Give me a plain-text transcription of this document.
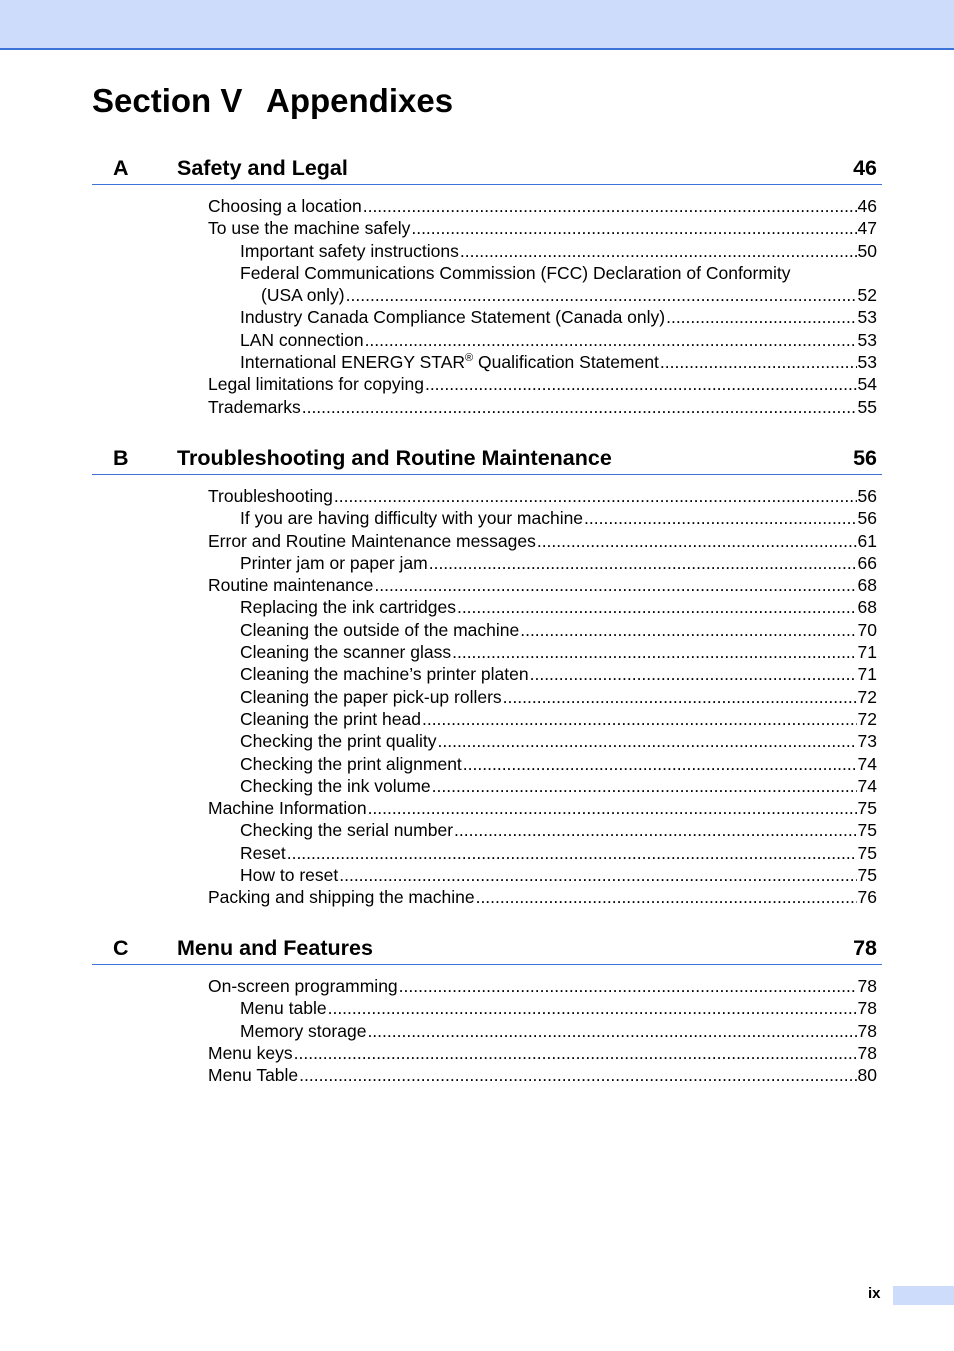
Section V Appendixes
A Safety and Legal	46
Choosing a location .....	46
To use the machine safely .....	47
Important safety instructions .....	50
Federal Communications Commission (FCC) Declaration of Conformity
(USA only) .....	52
Industry Canada Compliance Statement (Canada only) .....	53
LAN connection .....	53
International ENERGY STAR® Qualification Statement .....	53
Legal limitations for copying .....	54
Trademarks .....	55
B Troubleshooting and Routine Maintenance	56
Troubleshooting .....	56
If you are having difficulty with your machine .....	56
Error and Routine Maintenance messages .....	61
Printer jam or paper jam .....	66
Routine maintenance .....	68
Replacing the ink cartridges .....	68
Cleaning the outside of the machine .....	70
Cleaning the scanner glass .....	71
Cleaning the machine’s printer platen .....	71
Cleaning the paper pick-up rollers .....	72
Cleaning the print head .....	72
Checking the print quality .....	73
Checking the print alignment .....	74
Checking the ink volume .....	74
Machine Information .....	75
Checking the serial number .....	75
Reset .....	75
How to reset .....	75
Packing and shipping the machine .....	76
C Menu and Features	78
On-screen programming .....	78
Menu table .....	78
Memory storage .....	78
Menu keys .....	78
Menu Table .....	80
ix
